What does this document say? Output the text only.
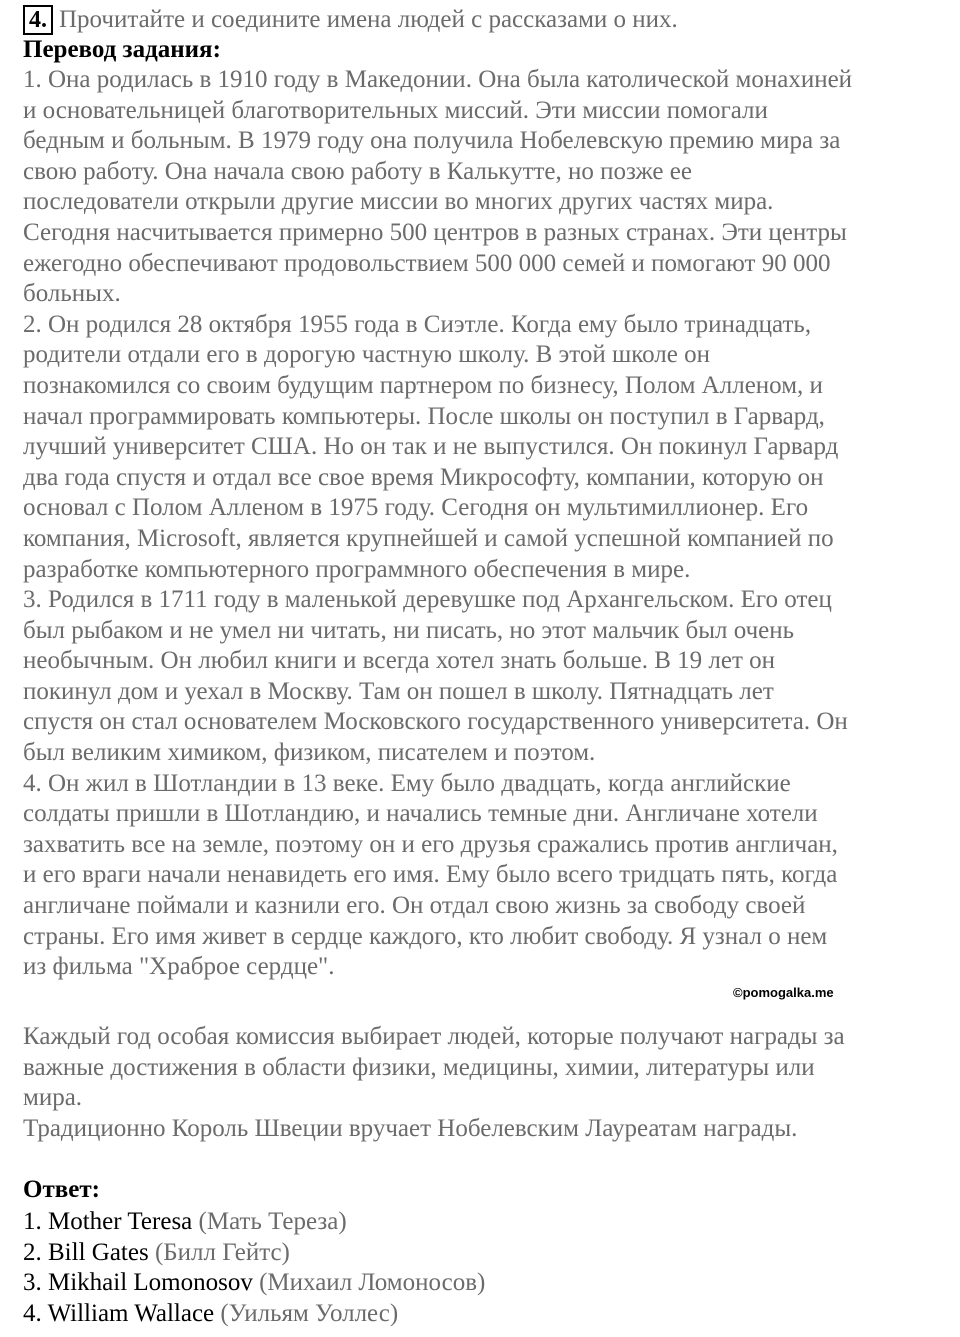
4. Прочитайте и соедините имена людей с рассказами о них.
Перевод задания:
1. Она родилась в 1910 году в Македонии. Она была католической монахиней
и основательницей благотворительных миссий. Эти миссии помогали
бедным и больным. В 1979 году она получила Нобелевскую премию мира за
свою работу. Она начала свою работу в Калькутте, но позже ее
последователи открыли другие миссии во многих других частях мира.
Сегодня насчитывается примерно 500 центров в разных странах. Эти центры
ежегодно обеспечивают продовольствием 500 000 семей и помогают 90 000
больных.
2. Он родился 28 октября 1955 года в Сиэтле. Когда ему было тринадцать,
родители отдали его в дорогую частную школу. В этой школе он
познакомился со своим будущим партнером по бизнесу, Полом Алленом, и
начал программировать компьютеры. После школы он поступил в Гарвард,
лучший университет США. Но он так и не выпустился. Он покинул Гарвард
два года спустя и отдал все свое время Микрософту, компании, которую он
основал с Полом Алленом в 1975 году. Сегодня он мультимиллионер. Его
компания, Microsoft, является крупнейшей и самой успешной компанией по
разработке компьютерного программного обеспечения в мире.
3. Родился в 1711 году в маленькой деревушке под Архангельском. Его отец
был рыбаком и не умел ни читать, ни писать, но этот мальчик был очень
необычным. Он любил книги и всегда хотел знать больше. В 19 лет он
покинул дом и уехал в Москву. Там он пошел в школу. Пятнадцать лет
спустя он стал основателем Московского государственного университета. Он
был великим химиком, физиком, писателем и поэтом.
4. Он жил в Шотландии в 13 веке. Ему было двадцать, когда английские
солдаты пришли в Шотландию, и начались темные дни. Англичане хотели
захватить все на земле, поэтому он и его друзья сражались против англичан,
и его враги начали ненавидеть его имя. Ему было всего тридцать пять, когда
англичане поймали и казнили его. Он отдал свою жизнь за свободу своей
страны. Его имя живет в сердце каждого, кто любит свободу. Я узнал о нем
из фильма "Храброе сердце".
©pomogalka.me
Каждый год особая комиссия выбирает людей, которые получают награды за
важные достижения в области физики, медицины, химии, литературы или
мира.
Традиционно Король Швеции вручает Нобелевским Лауреатам награды.
Ответ:
1. Mother Teresa (Мать Тереза)
2. Bill Gates (Билл Гейтс)
3. Mikhail Lomonosov (Михаил Ломоносов)
4. William Wallace (Уильям Уоллес)
